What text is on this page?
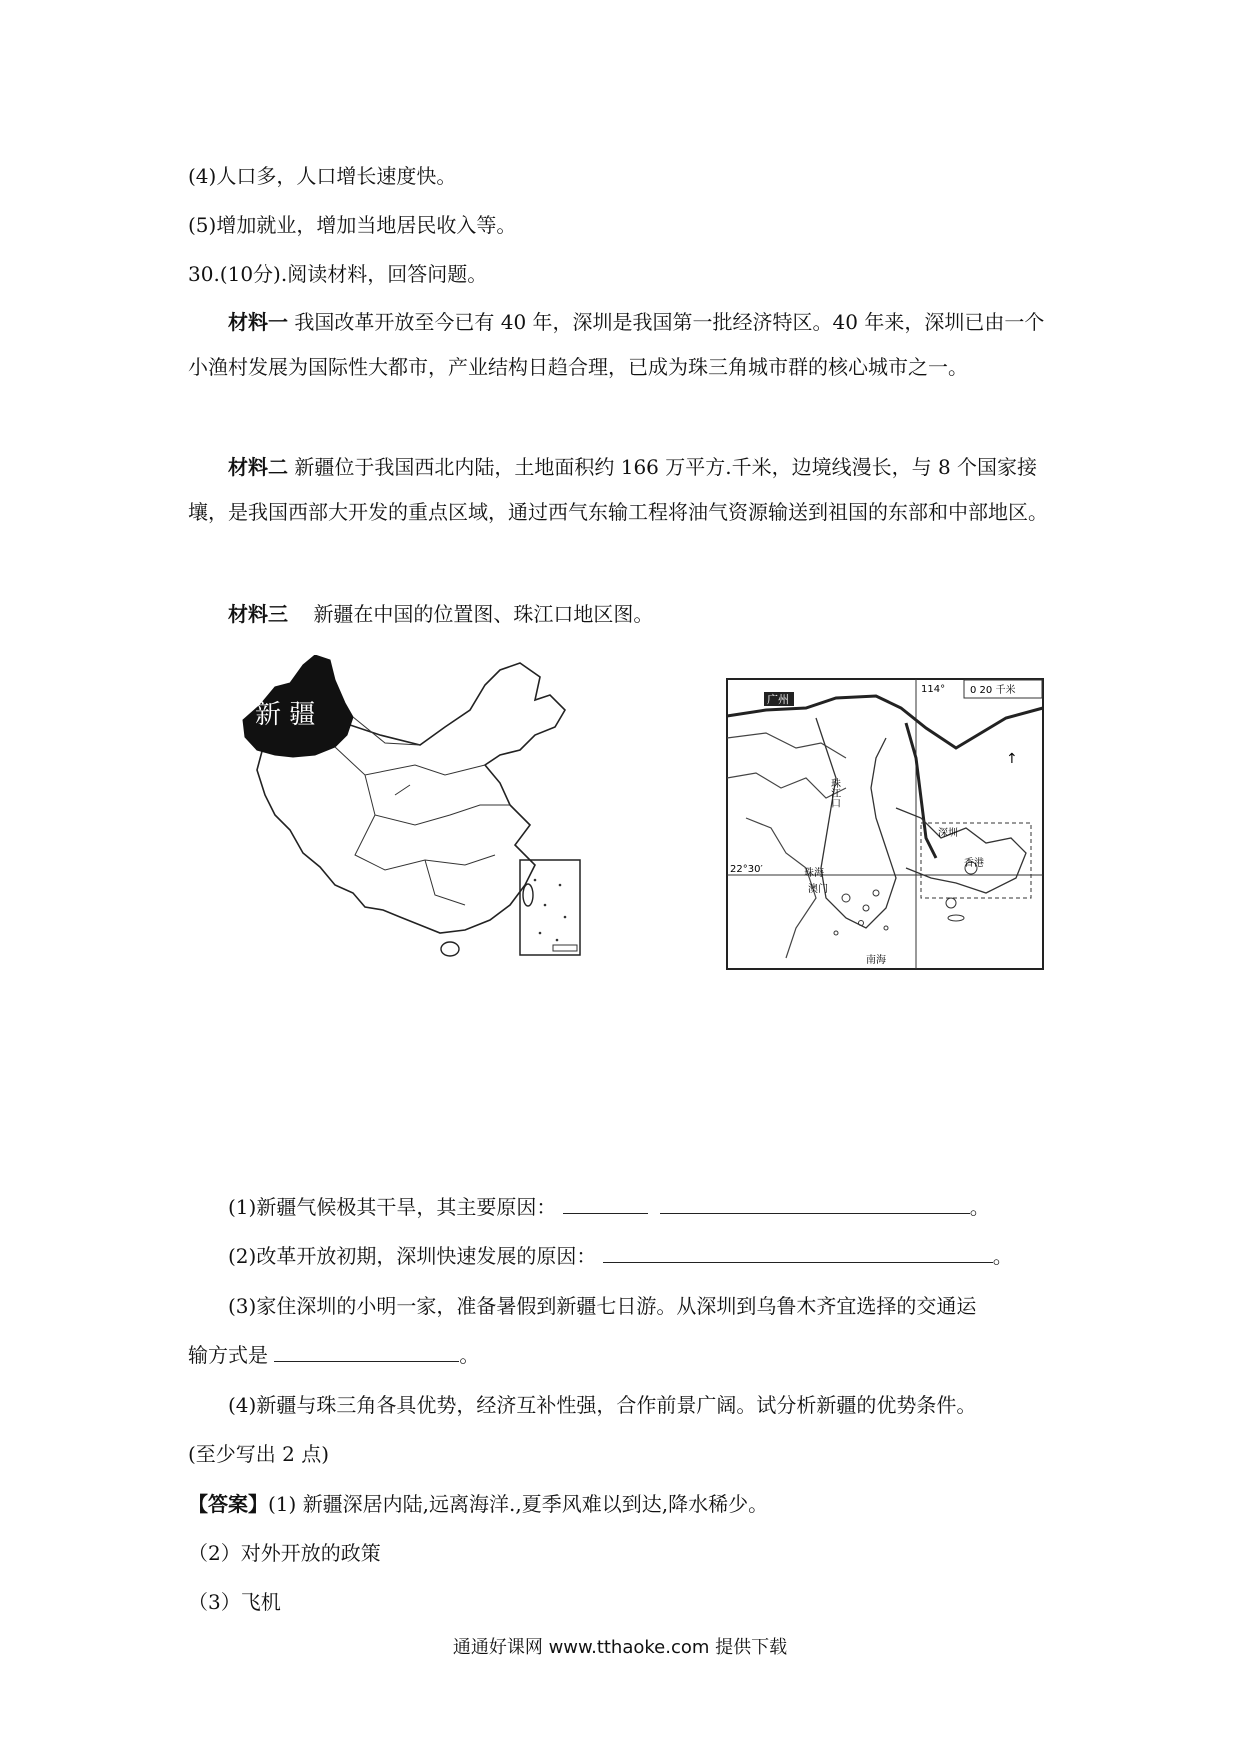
(4)人口多，人口增长速度快。
(5)增加就业，增加当地居民收入等。
30.(10分).阅读材料，回答问题。
材料一 我国改革开放至今已有 40 年，深圳是我国第一批经济特区。40 年来，深圳已由一个小渔村发展为国际性大都市，产业结构日趋合理，已成为珠三角城市群的核心城市之一。
材料二 新疆位于我国西北内陆，土地面积约 166 万平方.千米，边境线漫长，与 8 个国家接壤，是我国西部大开发的重点区域，通过西气东输工程将油气资源输送到祖国的东部和中部地区。
材料三 新疆在中国的位置图、珠江口地区图。
新 疆
0 20 千米
114°
广州
珠江口
深圳
珠海
澳门
香港
22°30′
南海
↑
(1)新疆气候极其干旱，其主要原因：	。
(2)改革开放初期，深圳快速发展的原因：	。
(3)家住深圳的小明一家，准备暑假到新疆七日游。从深圳到乌鲁木齐宜选择的交通运
输方式是	。
(4)新疆与珠三角各具优势，经济互补性强，合作前景广阔。试分析新疆的优势条件。
(至少写出 2 点)
【答案】(1) 新疆深居内陆,远离海洋.,夏季风难以到达,降水稀少。
（2）对外开放的政策
（3）飞机
通通好课网 www.tthaoke.com 提供下载
